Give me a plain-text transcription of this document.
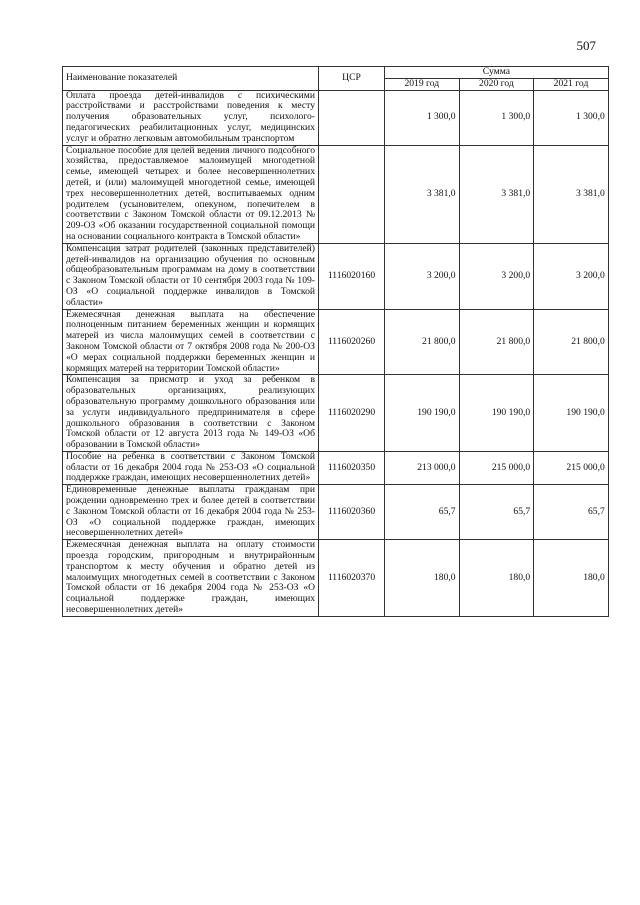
507
Наименование показателей	ЦСР	Сумма		
		2019 год	2020 год	2021 год
Оплата проезда детей-инвалидов с психическими расстройствами и расстройствами поведения к месту получения образовательных услуг, психолого-педагогических реабилитационных услуг, медицинских услуг и обратно легковым автомобильным транспортом		1 300,0	1 300,0	1 300,0
Социальное пособие для целей ведения личного подсобного хозяйства, предоставляемое малоимущей многодетной семье, имеющей четырех и более несовершеннолетних детей, и (или) малоимущей многодетной семье, имеющей трех несовершеннолетних детей, воспитываемых одним родителем (усыновителем, опекуном, попечителем в соответствии с Законом Томской области от 09.12.2013 № 209-ОЗ «Об оказании государственной социальной помощи на основании социального контракта в Томской области»		3 381,0	3 381,0	3 381,0
Компенсация затрат родителей (законных представителей) детей-инвалидов на организацию обучения по основным общеобразовательным программам на дому в соответствии с Законом Томской области от 10 сентября 2003 года № 109-ОЗ «О социальной поддержке инвалидов в Томской области»	1116020160	3 200,0	3 200,0	3 200,0
Ежемесячная денежная выплата на обеспечение полноценным питанием беременных женщин и кормящих матерей из числа малоимущих семей в соответствии с Законом Томской области от 7 октября 2008 года № 200-ОЗ «О мерах социальной поддержки беременных женщин и кормящих матерей на территории Томской области»	1116020260	21 800,0	21 800,0	21 800,0
Компенсация за присмотр и уход за ребенком в образовательных организациях, реализующих образовательную программу дошкольного образования или за услуги индивидуального предпринимателя в сфере дошкольного образования в соответствии с Законом Томской области от 12 августа 2013 года № 149-ОЗ «Об образовании в Томской области»	1116020290	190 190,0	190 190,0	190 190,0
Пособие на ребенка в соответствии с Законом Томской области от 16 декабря 2004 года № 253-ОЗ «О социальной поддержке граждан, имеющих несовершеннолетних детей»	1116020350	213 000,0	215 000,0	215 000,0
Единовременные денежные выплаты гражданам при рождении одновременно трех и более детей в соответствии с Законом Томской области от 16 декабря 2004 года № 253-ОЗ «О социальной поддержке граждан, имеющих несовершеннолетних детей»	1116020360	65,7	65,7	65,7
Ежемесячная денежная выплата на оплату стоимости проезда городским, пригородным и внутрирайонным транспортом к месту обучения и обратно детей из малоимущих многодетных семей в соответствии с Законом Томской области от 16 декабря 2004 года № 253-ОЗ «О социальной поддержке граждан, имеющих несовершеннолетних детей»	1116020370	180,0	180,0	180,0
